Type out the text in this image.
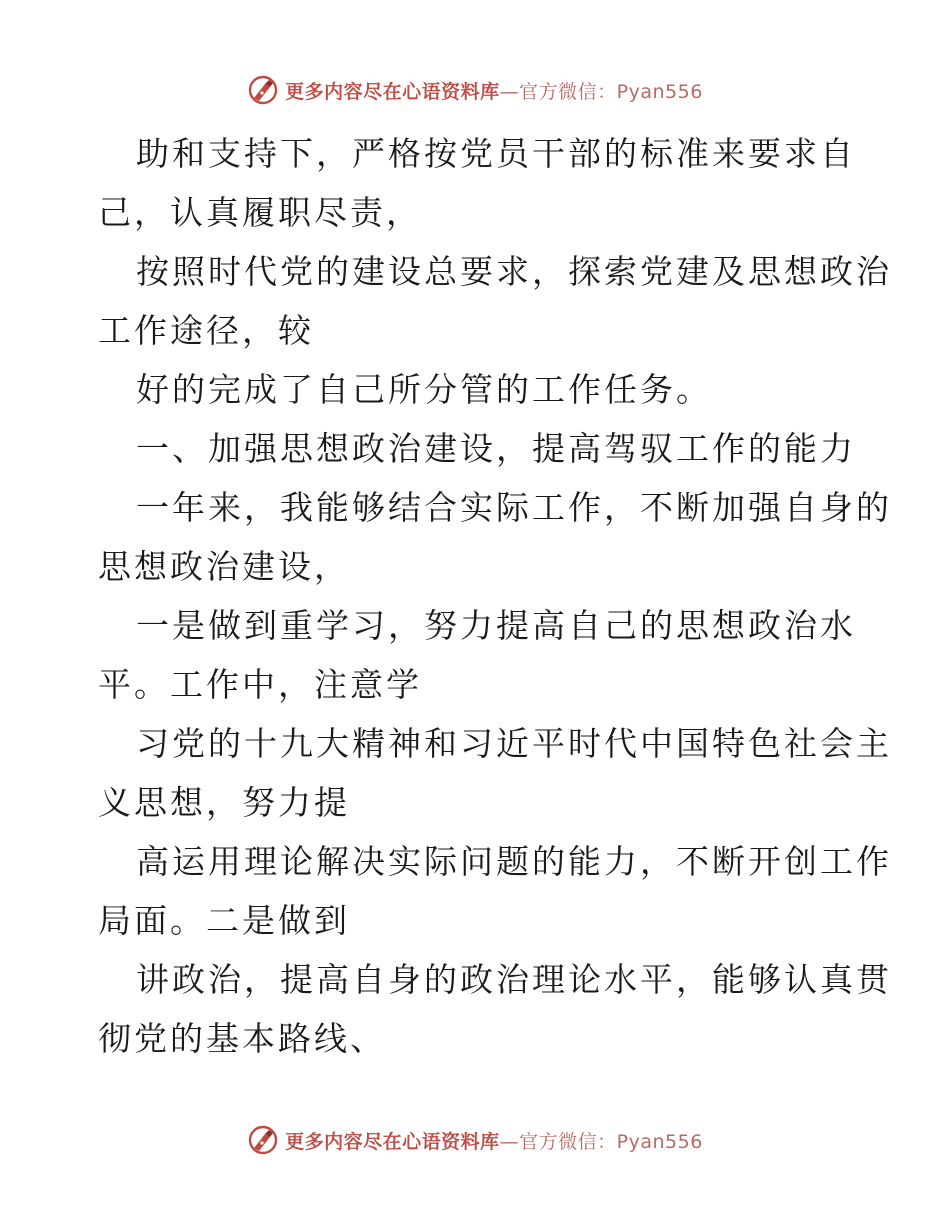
更多内容尽在心语资料库 —官方微信：Pyan556

助和支持下，严格按党员干部的标准来要求自

己，认真履职尽责，

按照时代党的建设总要求，探索党建及思想政治

工作途径，较

好的完成了自己所分管的工作任务。

一、加强思想政治建设，提高驾驭工作的能力

一年来，我能够结合实际工作，不断加强自身的

思想政治建设，

一是做到重学习，努力提高自己的思想政治水

平。工作中，注意学

习党的十九大精神和习近平时代中国特色社会主

义思想，努力提

高运用理论解决实际问题的能力，不断开创工作

局面。二是做到

讲政治，提高自身的政治理论水平，能够认真贯

彻党的基本路线、

更多内容尽在心语资料库 —官方微信：Pyan556
